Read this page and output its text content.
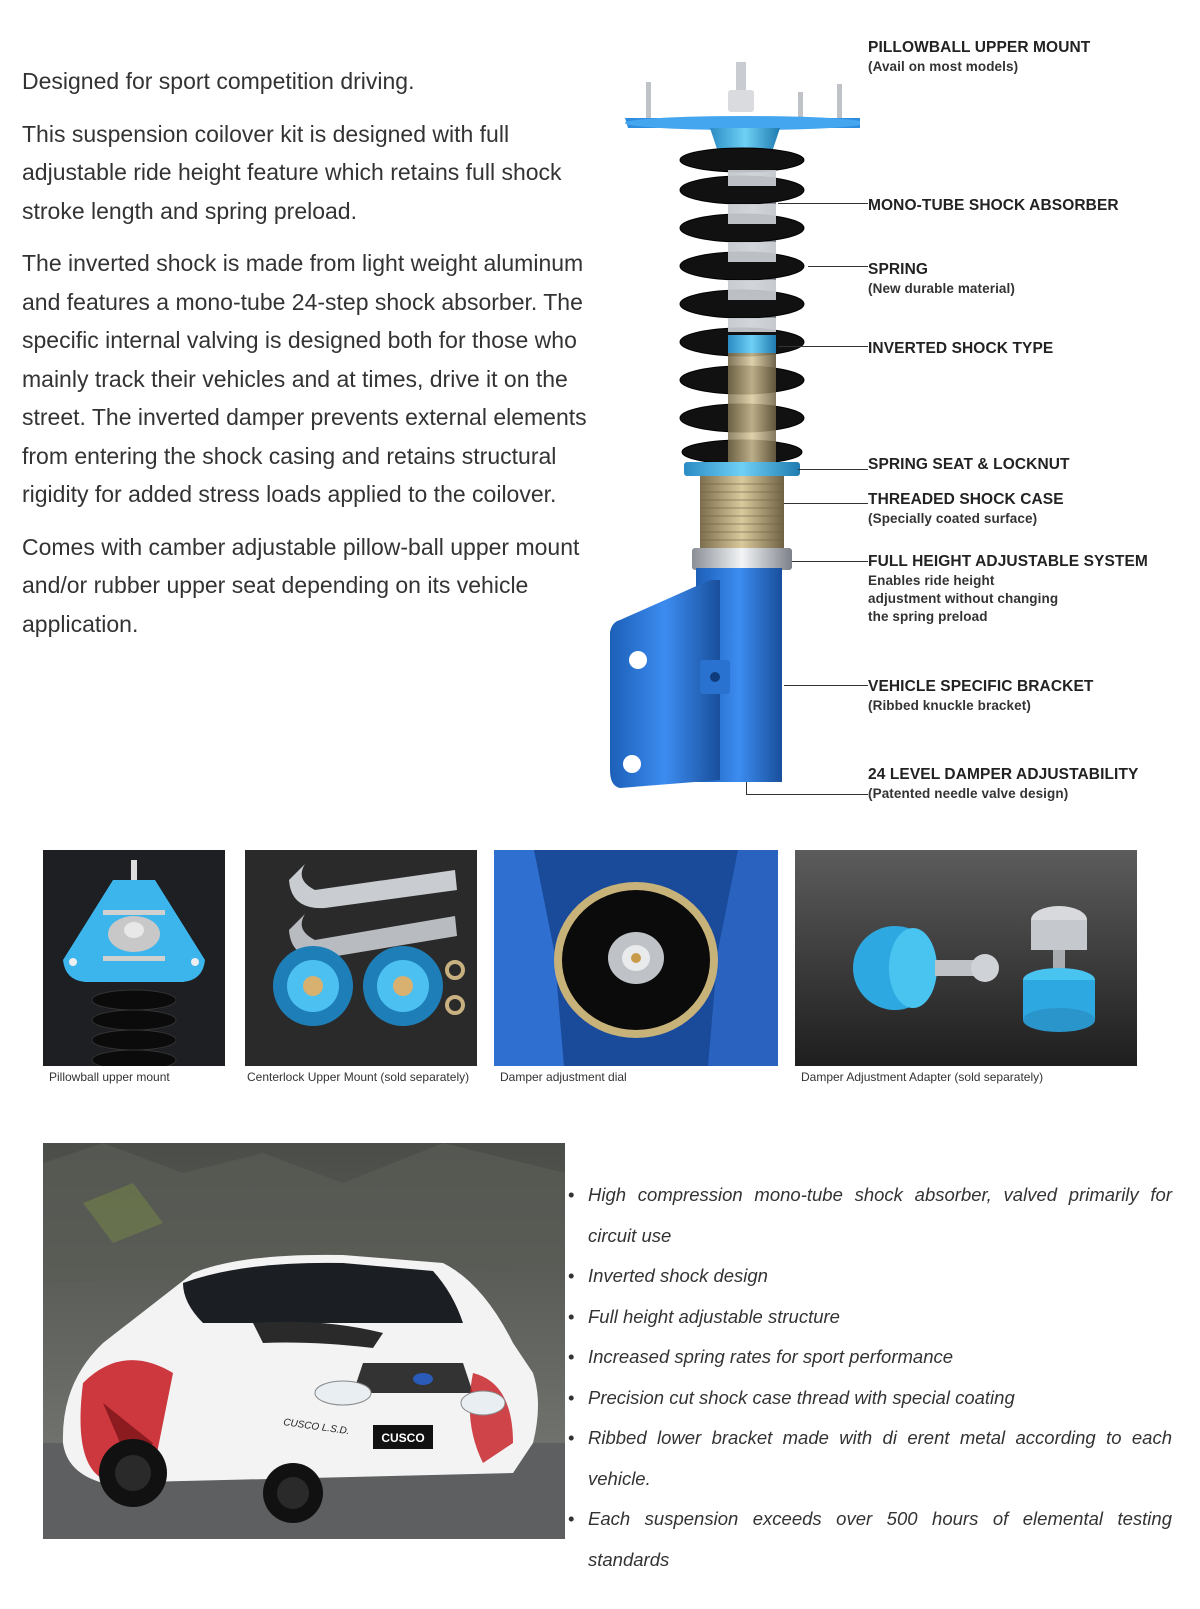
Designed for sport competition driving.

This suspension coilover kit is designed with full adjustable ride height feature which retains full shock stroke length and spring preload.

The inverted shock is made from light weight aluminum and features a mono-tube 24-step shock absorber. The specific internal valving is designed both for those who mainly track their vehicles and at times, drive it on the street. The inverted damper prevents external elements from entering the shock casing and retains structural rigidity for added stress loads applied to the coilover.

Comes with camber adjustable pillow-ball upper mount and/or rubber upper seat depending on its vehicle application.

PILLOWBALL UPPER MOUNT
(Avail on most models)
MONO-TUBE SHOCK ABSORBER
SPRING
(New durable material)
INVERTED SHOCK TYPE
SPRING SEAT & LOCKNUT
THREADED SHOCK CASE
(Specially coated surface)
FULL HEIGHT ADJUSTABLE SYSTEM
Enables ride height adjustment without changing the spring preload
VEHICLE SPECIFIC BRACKET
(Ribbed knuckle bracket)
24 LEVEL DAMPER ADJUSTABILITY
(Patented needle valve design)
Pillowball upper mount	Centerlock Upper Mount (sold separately)	Damper adjustment dial	Damper Adjustment Adapter (sold separately)
CUSCO
CUSCO L.S.D.
• High compression mono-tube shock absorber, valved primarily for circuit use
• Inverted shock design
• Full height adjustable structure
• Increased spring rates for sport performance
• Precision cut shock case thread with special coating
• Ribbed lower bracket made with di erent metal according to each vehicle.
• Each suspension exceeds over 500 hours of elemental testing standards
